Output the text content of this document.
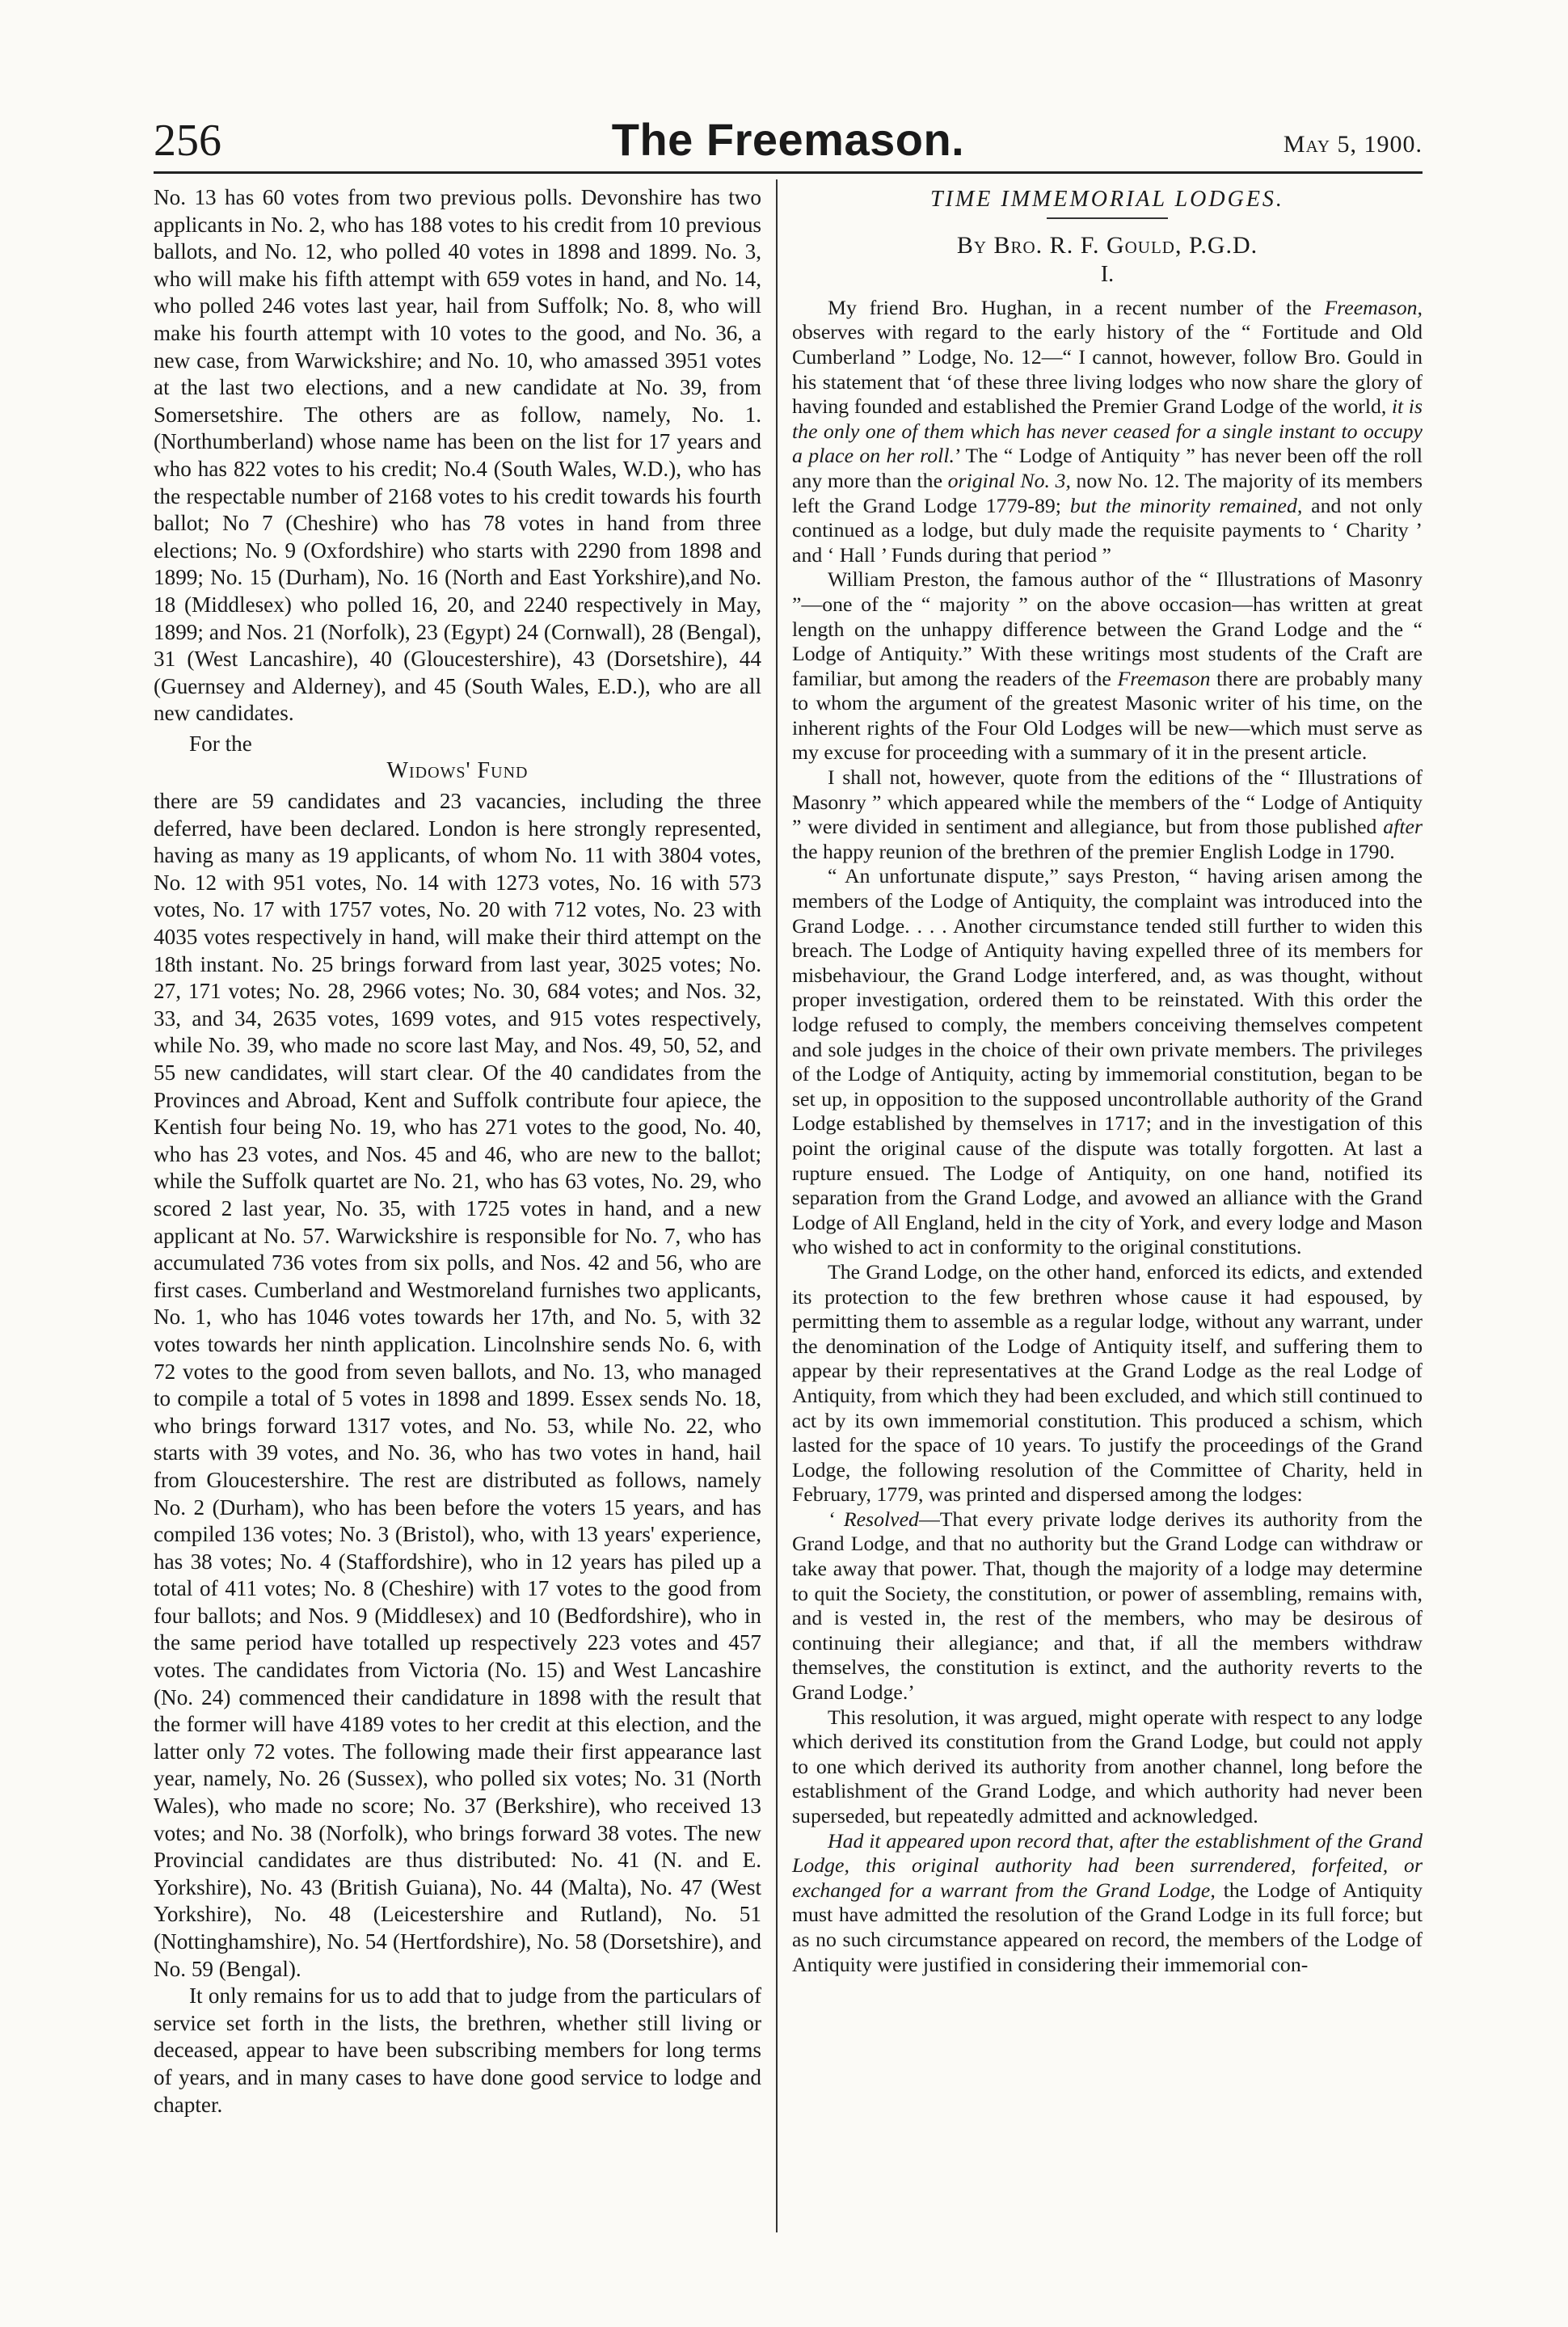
256	The Freemason.	May 5, 1900.

No. 13 has 60 votes from two previous polls. Devonshire has two applicants in No. 2, who has 188 votes to his credit from 10 previous ballots, and No. 12, who polled 40 votes in 1898 and 1899. No. 3, who will make his fifth attempt with 659 votes in hand, and No. 14, who polled 246 votes last year, hail from Suffolk; No. 8, who will make his fourth attempt with 10 votes to the good, and No. 36, a new case, from Warwickshire; and No. 10, who amassed 3951 votes at the last two elections, and a new candidate at No. 39, from Somersetshire. The others are as follow, namely, No. 1. (Northumberland) whose name has been on the list for 17 years and who has 822 votes to his credit; No.4 (South Wales, W.D.), who has the respectable number of 2168 votes to his credit towards his fourth ballot; No 7 (Cheshire) who has 78 votes in hand from three elections; No. 9 (Oxfordshire) who starts with 2290 from 1898 and 1899; No. 15 (Durham), No. 16 (North and East Yorkshire),and No. 18 (Middlesex) who polled 16, 20, and 2240 respectively in May, 1899; and Nos. 21 (Norfolk), 23 (Egypt) 24 (Cornwall), 28 (Bengal), 31 (West Lancashire), 40 (Gloucestershire), 43 (Dorsetshire), 44 (Guernsey and Alderney), and 45 (South Wales, E.D.), who are all new candidates.

For the
Widows' Fund

there are 59 candidates and 23 vacancies, including the three deferred, have been declared. London is here strongly represented, having as many as 19 applicants, of whom No. 11 with 3804 votes, No. 12 with 951 votes, No. 14 with 1273 votes, No. 16 with 573 votes, No. 17 with 1757 votes, No. 20 with 712 votes, No. 23 with 4035 votes respectively in hand, will make their third attempt on the 18th instant. No. 25 brings forward from last year, 3025 votes; No. 27, 171 votes; No. 28, 2966 votes; No. 30, 684 votes; and Nos. 32, 33, and 34, 2635 votes, 1699 votes, and 915 votes respectively, while No. 39, who made no score last May, and Nos. 49, 50, 52, and 55 new candidates, will start clear. Of the 40 candidates from the Provinces and Abroad, Kent and Suffolk contribute four apiece, the Kentish four being No. 19, who has 271 votes to the good, No. 40, who has 23 votes, and Nos. 45 and 46, who are new to the ballot; while the Suffolk quartet are No. 21, who has 63 votes, No. 29, who scored 2 last year, No. 35, with 1725 votes in hand, and a new applicant at No. 57. Warwickshire is responsible for No. 7, who has accumulated 736 votes from six polls, and Nos. 42 and 56, who are first cases. Cumberland and Westmoreland furnishes two applicants, No. 1, who has 1046 votes towards her 17th, and No. 5, with 32 votes towards her ninth application. Lincolnshire sends No. 6, with 72 votes to the good from seven ballots, and No. 13, who managed to compile a total of 5 votes in 1898 and 1899. Essex sends No. 18, who brings forward 1317 votes, and No. 53, while No. 22, who starts with 39 votes, and No. 36, who has two votes in hand, hail from Gloucestershire. The rest are distributed as follows, namely No. 2 (Durham), who has been before the voters 15 years, and has compiled 136 votes; No. 3 (Bristol), who, with 13 years' experience, has 38 votes; No. 4 (Staffordshire), who in 12 years has piled up a total of 411 votes; No. 8 (Cheshire) with 17 votes to the good from four ballots; and Nos. 9 (Middlesex) and 10 (Bedfordshire), who in the same period have totalled up respectively 223 votes and 457 votes. The candidates from Victoria (No. 15) and West Lancashire (No. 24) commenced their candidature in 1898 with the result that the former will have 4189 votes to her credit at this election, and the latter only 72 votes. The following made their first appearance last year, namely, No. 26 (Sussex), who polled six votes; No. 31 (North Wales), who made no score; No. 37 (Berkshire), who received 13 votes; and No. 38 (Norfolk), who brings forward 38 votes. The new Provincial candidates are thus distributed: No. 41 (N. and E. Yorkshire), No. 43 (British Guiana), No. 44 (Malta), No. 47 (West Yorkshire), No. 48 (Leicestershire and Rutland), No. 51 (Nottinghamshire), No. 54 (Hertfordshire), No. 58 (Dorsetshire), and No. 59 (Bengal).

It only remains for us to add that to judge from the particulars of service set forth in the lists, the brethren, whether still living or deceased, appear to have been subscribing members for long terms of years, and in many cases to have done good service to lodge and chapter.

TIME IMMEMORIAL LODGES.
By Bro. R. F. Gould, P.G.D.
I.

My friend Bro. Hughan, in a recent number of the Freemason, observes with regard to the early history of the “ Fortitude and Old Cumberland ” Lodge, No. 12—“ I cannot, however, follow Bro. Gould in his statement that ‘of these three living lodges who now share the glory of having founded and established the Premier Grand Lodge of the world, it is the only one of them which has never ceased for a single instant to occupy a place on her roll.’ The “ Lodge of Antiquity ” has never been off the roll any more than the original No. 3, now No. 12. The majority of its members left the Grand Lodge 1779-89; but the minority remained, and not only continued as a lodge, but duly made the requisite payments to ‘ Charity ’ and ‘ Hall ’ Funds during that period ”

William Preston, the famous author of the “ Illustrations of Masonry ”—one of the “ majority ” on the above occasion—has written at great length on the unhappy difference between the Grand Lodge and the “ Lodge of Antiquity.” With these writings most students of the Craft are familiar, but among the readers of the Freemason there are probably many to whom the argument of the greatest Masonic writer of his time, on the inherent rights of the Four Old Lodges will be new—which must serve as my excuse for proceeding with a summary of it in the present article.

I shall not, however, quote from the editions of the “ Illustrations of Masonry ” which appeared while the members of the “ Lodge of Antiquity ” were divided in sentiment and allegiance, but from those published after the happy reunion of the brethren of the premier English Lodge in 1790.

“ An unfortunate dispute,” says Preston, “ having arisen among the members of the Lodge of Antiquity, the complaint was introduced into the Grand Lodge. . . . Another circumstance tended still further to widen this breach. The Lodge of Antiquity having expelled three of its members for misbehaviour, the Grand Lodge interfered, and, as was thought, without proper investigation, ordered them to be reinstated. With this order the lodge refused to comply, the members conceiving themselves competent and sole judges in the choice of their own private members. The privileges of the Lodge of Antiquity, acting by immemorial constitution, began to be set up, in opposition to the supposed uncontrollable authority of the Grand Lodge established by themselves in 1717; and in the investigation of this point the original cause of the dispute was totally forgotten. At last a rupture ensued. The Lodge of Antiquity, on one hand, notified its separation from the Grand Lodge, and avowed an alliance with the Grand Lodge of All England, held in the city of York, and every lodge and Mason who wished to act in conformity to the original constitutions.

The Grand Lodge, on the other hand, enforced its edicts, and extended its protection to the few brethren whose cause it had espoused, by permitting them to assemble as a regular lodge, without any warrant, under the denomination of the Lodge of Antiquity itself, and suffering them to appear by their representatives at the Grand Lodge as the real Lodge of Antiquity, from which they had been excluded, and which still continued to act by its own immemorial constitution. This produced a schism, which lasted for the space of 10 years. To justify the proceedings of the Grand Lodge, the following resolution of the Committee of Charity, held in February, 1779, was printed and dispersed among the lodges:

‘ Resolved—That every private lodge derives its authority from the Grand Lodge, and that no authority but the Grand Lodge can withdraw or take away that power. That, though the majority of a lodge may determine to quit the Society, the constitution, or power of assembling, remains with, and is vested in, the rest of the members, who may be desirous of continuing their allegiance; and that, if all the members withdraw themselves, the constitution is extinct, and the authority reverts to the Grand Lodge.’

This resolution, it was argued, might operate with respect to any lodge which derived its constitution from the Grand Lodge, but could not apply to one which derived its authority from another channel, long before the establishment of the Grand Lodge, and which authority had never been superseded, but repeatedly admitted and acknowledged.

Had it appeared upon record that, after the establishment of the Grand Lodge, this original authority had been surrendered, forfeited, or exchanged for a warrant from the Grand Lodge, the Lodge of Antiquity must have admitted the resolution of the Grand Lodge in its full force; but as no such circumstance appeared on record, the members of the Lodge of Antiquity were justified in considering their immemorial con-
